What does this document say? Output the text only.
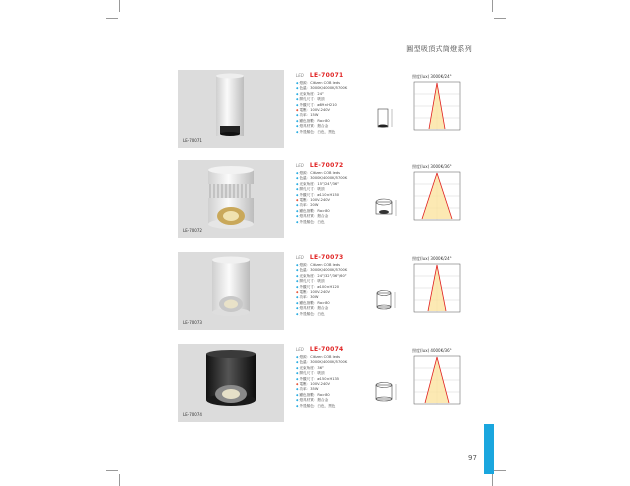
圓型吸頂式筒燈系列
LE-70071
LED LE-70071
◆ 燈源：Citizen COB leds
◆ 色溫：3000K/4000K/5700K
◆ 光束角度：24°
◆ 開孔尺寸：吸頂
◆ 外觀尺寸：ø89×H210
◆ 電壓：100V-240V
◆ 功率：15W
◆ 顯色指數：Ra>80
◆ 燈具材質：鋁合金
◆ 外殼顏色：白色、黑色
照度(lux) 3000K/24°
LE-70072
LED LE-70072
◆ 燈源：Citizen COB leds
◆ 色溫：3000K/4000K/5700K
◆ 光束角度：15°/24°/36°
◆ 開孔尺寸：吸頂
◆ 外觀尺寸：ø110×H150
◆ 電壓：100V-240V
◆ 功率：20W
◆ 顯色指數：Ra>80
◆ 燈具材質：鋁合金
◆ 外殼顏色：白色
照度(lux) 3000K/36°
LE-70073
LED LE-70073
◆ 燈源：Citizen COB leds
◆ 色溫：3000K/4000K/5700K
◆ 光束角度：24°/32°/36°/60°
◆ 開孔尺寸：吸頂
◆ 外觀尺寸：ø100×H120
◆ 電壓：100V-240V
◆ 功率：30W
◆ 顯色指數：Ra>80
◆ 燈具材質：鋁合金
◆ 外殼顏色：白色
照度(lux) 3000K/24°
LE-70074
LED LE-70074
◆ 燈源：Citizen COB leds
◆ 色溫：3000K/4000K/5700K
◆ 光束角度：36°
◆ 開孔尺寸：吸頂
◆ 外觀尺寸：ø150×H135
◆ 電壓：100V-240V
◆ 功率：35W
◆ 顯色指數：Ra>80
◆ 燈具材質：鋁合金
◆ 外殼顏色：白色、黑色
照度(lux) 4000K/36°
97
